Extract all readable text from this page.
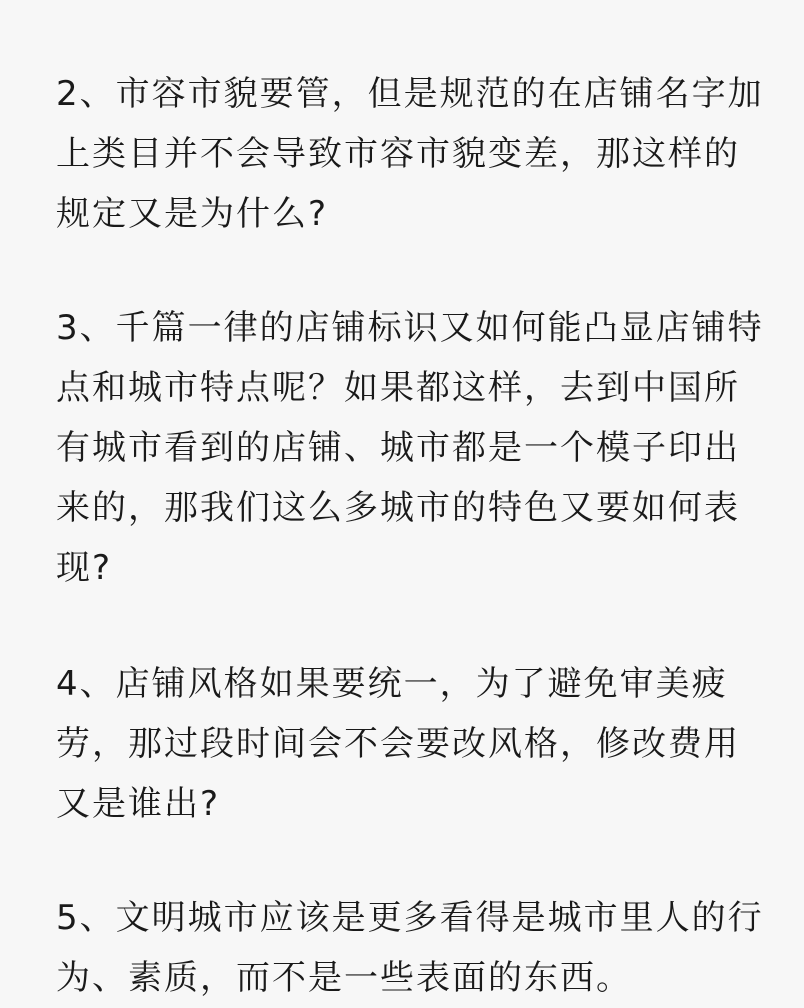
2、市容市貌要管，但是规范的在店铺名字加
上类目并不会导致市容市貌变差，那这样的
规定又是为什么?
3、千篇一律的店铺标识又如何能凸显店铺特
点和城市特点呢？如果都这样，去到中国所
有城市看到的店铺、城市都是一个模子印出
来的，那我们这么多城市的特色又要如何表
现?
4、店铺风格如果要统一，为了避免审美疲
劳，那过段时间会不会要改风格，修改费用
又是谁出?
5、文明城市应该是更多看得是城市里人的行
为、素质，而不是一些表面的东西。
